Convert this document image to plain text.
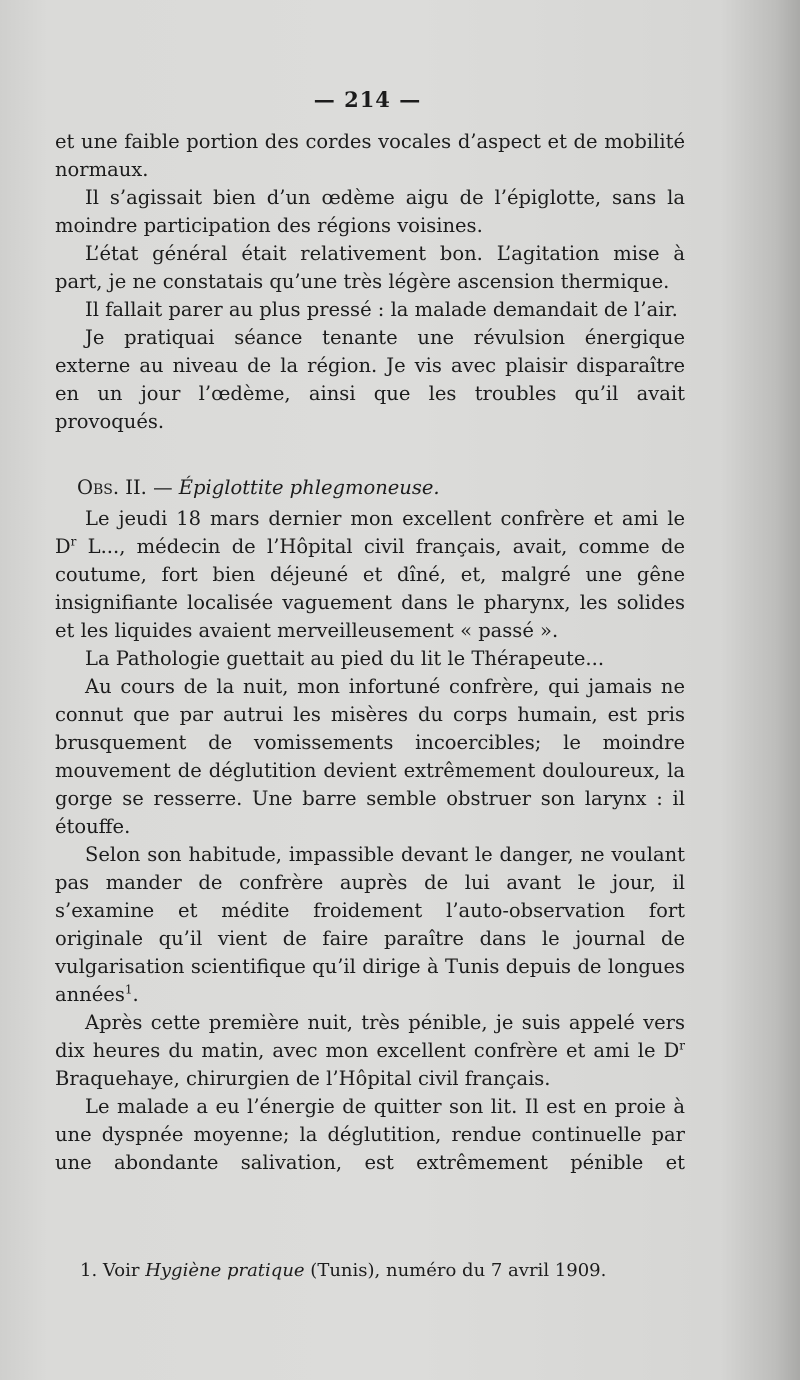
— 214 —

et une faible portion des cordes vocales d’aspect et de mobilité normaux.

Il s’agissait bien d’un œdème aigu de l’épiglotte, sans la moindre participation des régions voisines.

L’état général était relativement bon. L’agitation mise à part, je ne constatais qu’une très légère ascension thermique.

Il fallait parer au plus pressé : la malade demandait de l’air.

Je pratiquai séance tenante une révulsion énergique externe au niveau de la région. Je vis avec plaisir disparaître en un jour l’œdème, ainsi que les troubles qu’il avait provoqués.

Obs. II. — Épiglottite phlegmoneuse.

Le jeudi 18 mars dernier mon excellent confrère et ami le $D^r$ L..., médecin de l’Hôpital civil français, avait, comme de coutume, fort bien déjeuné et dîné, et, malgré une gêne insignifiante localisée vaguement dans le pharynx, les solides et les liquides avaient merveilleusement « passé ».

La Pathologie guettait au pied du lit le Thérapeute...

Au cours de la nuit, mon infortuné confrère, qui jamais ne connut que par autrui les misères du corps humain, est pris brusquement de vomissements incoercibles; le moindre mouvement de déglutition devient extrêmement douloureux, la gorge se resserre. Une barre semble obstruer son larynx : il étouffe.

Selon son habitude, impassible devant le danger, ne voulant pas mander de confrère auprès de lui avant le jour, il s’examine et médite froidement l’auto-observation fort originale qu’il vient de faire paraître dans le journal de vulgarisation scientifique qu’il dirige à Tunis depuis de longues années$^1$.

Après cette première nuit, très pénible, je suis appelé vers dix heures du matin, avec mon excellent confrère et ami le $D^r$ Braquehaye, chirurgien de l’Hôpital civil français.

Le malade a eu l’énergie de quitter son lit. Il est en proie à une dyspnée moyenne; la déglutition, rendue continuelle par une abondante salivation, est extrêmement pénible et

1. Voir Hygiène pratique (Tunis), numéro du 7 avril 1909.
